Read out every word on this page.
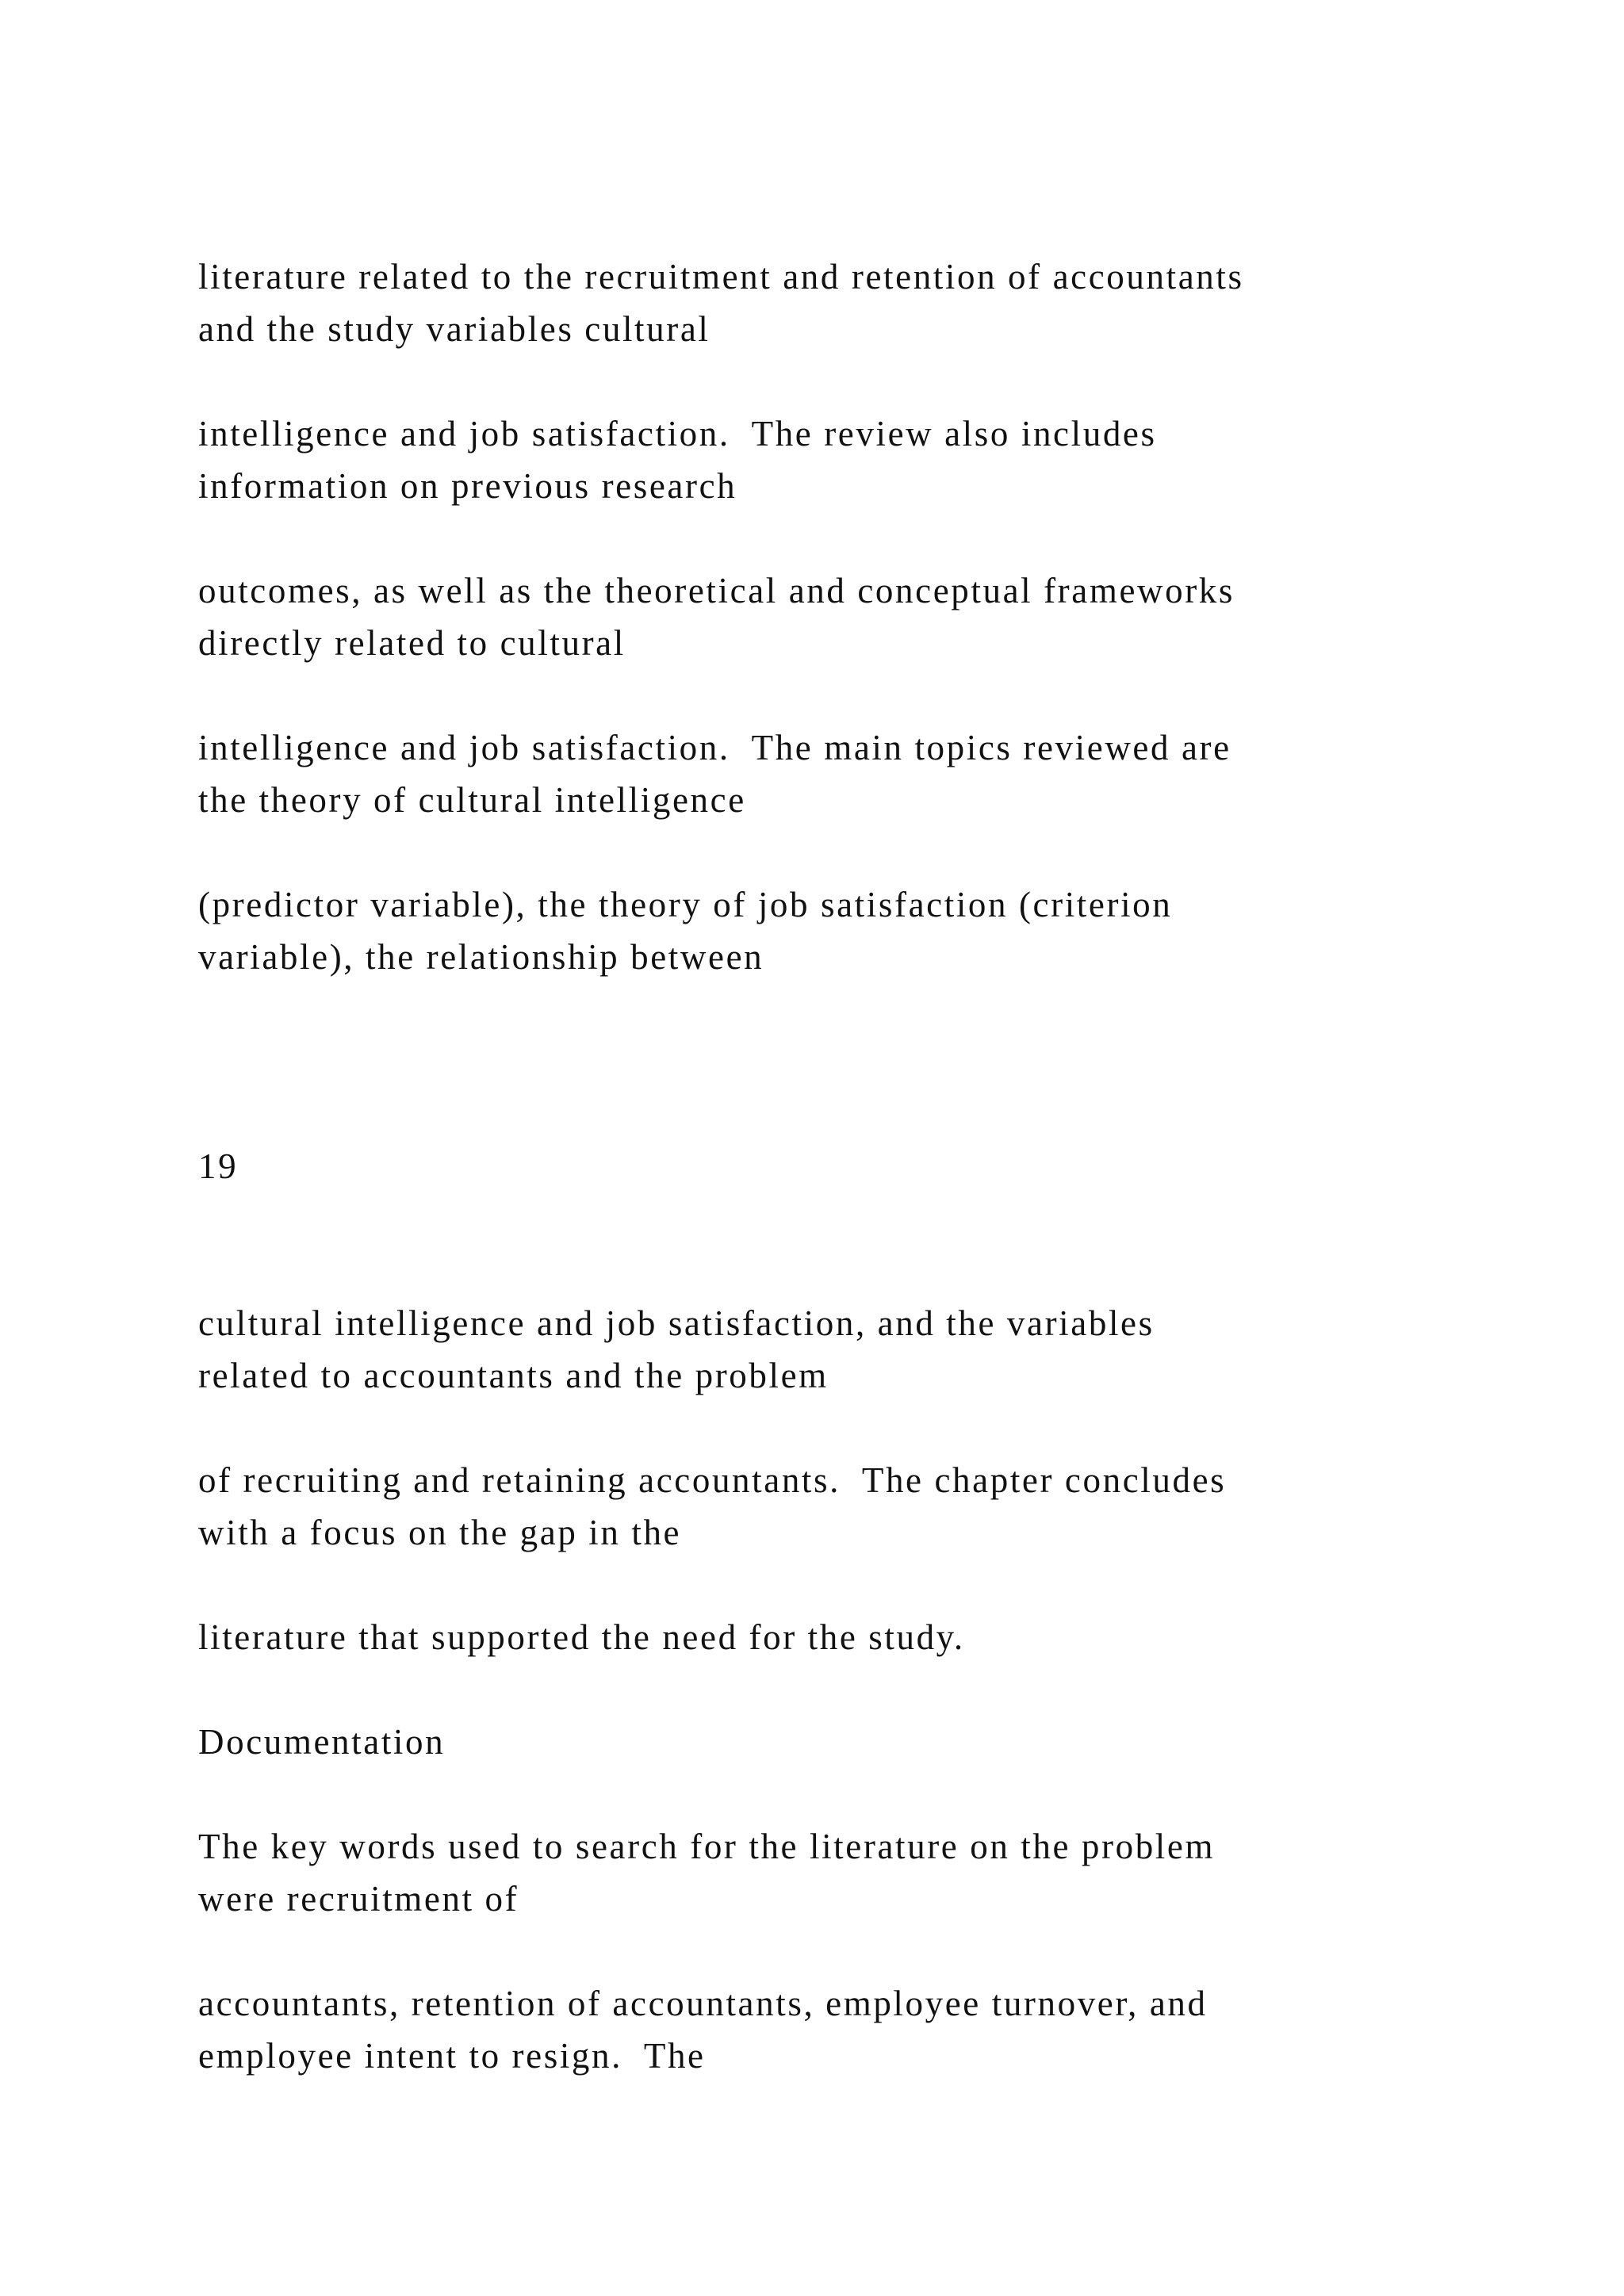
literature related to the recruitment and retention of accountants

and the study variables cultural

intelligence and job satisfaction.  The review also includes

information on previous research

outcomes, as well as the theoretical and conceptual frameworks

directly related to cultural

intelligence and job satisfaction.  The main topics reviewed are

the theory of cultural intelligence

(predictor variable), the theory of job satisfaction (criterion

variable), the relationship between

19

cultural intelligence and job satisfaction, and the variables

related to accountants and the problem

of recruiting and retaining accountants.  The chapter concludes

with a focus on the gap in the

literature that supported the need for the study.

Documentation

The key words used to search for the literature on the problem

were recruitment of

accountants, retention of accountants, employee turnover, and

employee intent to resign.  The
